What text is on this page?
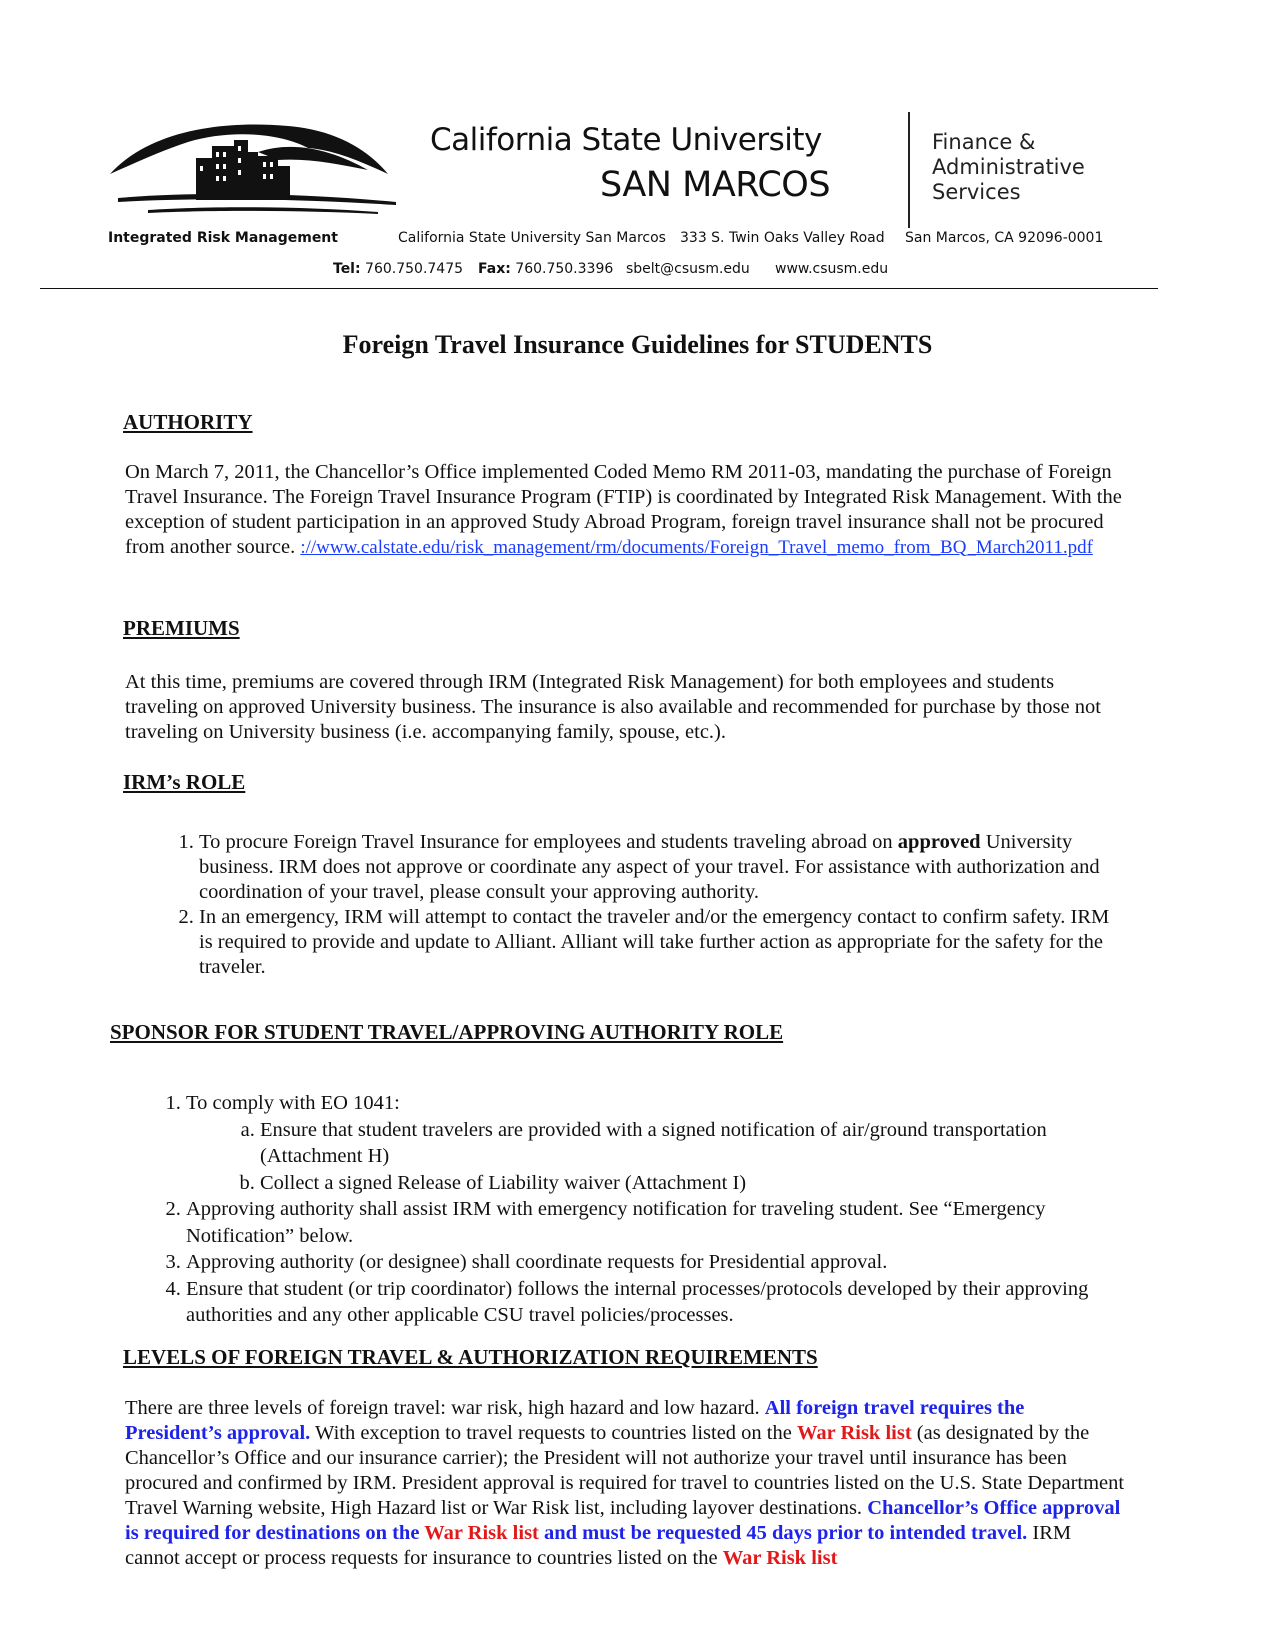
California State University
SAN MARCOS
Finance &
Administrative
Services
Integrated Risk Management	California State University San Marcos 333 S. Twin Oaks Valley Road San Marcos, CA 92096-0001
Tel: 760.750.7475 Fax: 760.750.3396 sbelt@csusm.edu www.csusm.edu
Foreign Travel Insurance Guidelines for STUDENTS
AUTHORITY
On March 7, 2011, the Chancellor’s Office implemented Coded Memo RM 2011-03, mandating the purchase of Foreign Travel Insurance. The Foreign Travel Insurance Program (FTIP) is coordinated by Integrated Risk Management. With the exception of student participation in an approved Study Abroad Program, foreign travel insurance shall not be procured from another source. ://www.calstate.edu/risk_management/rm/documents/Foreign_Travel_memo_from_BQ_March2011.pdf
PREMIUMS
At this time, premiums are covered through IRM (Integrated Risk Management) for both employees and students traveling on approved University business. The insurance is also available and recommended for purchase by those not traveling on University business (i.e. accompanying family, spouse, etc.).
IRM’s ROLE
1. To procure Foreign Travel Insurance for employees and students traveling abroad on approved University business. IRM does not approve or coordinate any aspect of your travel. For assistance with authorization and coordination of your travel, please consult your approving authority.
2. In an emergency, IRM will attempt to contact the traveler and/or the emergency contact to confirm safety. IRM is required to provide and update to Alliant. Alliant will take further action as appropriate for the safety for the traveler.
SPONSOR FOR STUDENT TRAVEL/APPROVING AUTHORITY ROLE
1. To comply with EO 1041:
a. Ensure that student travelers are provided with a signed notification of air/ground transportation (Attachment H)
b. Collect a signed Release of Liability waiver (Attachment I)
2. Approving authority shall assist IRM with emergency notification for traveling student. See “Emergency Notification” below.
3. Approving authority (or designee) shall coordinate requests for Presidential approval.
4. Ensure that student (or trip coordinator) follows the internal processes/protocols developed by their approving authorities and any other applicable CSU travel policies/processes.
LEVELS OF FOREIGN TRAVEL & AUTHORIZATION REQUIREMENTS
There are three levels of foreign travel: war risk, high hazard and low hazard. All foreign travel requires the President’s approval. With exception to travel requests to countries listed on the War Risk list (as designated by the Chancellor’s Office and our insurance carrier); the President will not authorize your travel until insurance has been procured and confirmed by IRM. President approval is required for travel to countries listed on the U.S. State Department Travel Warning website, High Hazard list or War Risk list, including layover destinations. Chancellor’s Office approval is required for destinations on the War Risk list and must be requested 45 days prior to intended travel. IRM cannot accept or process requests for insurance to countries listed on the War Risk list
